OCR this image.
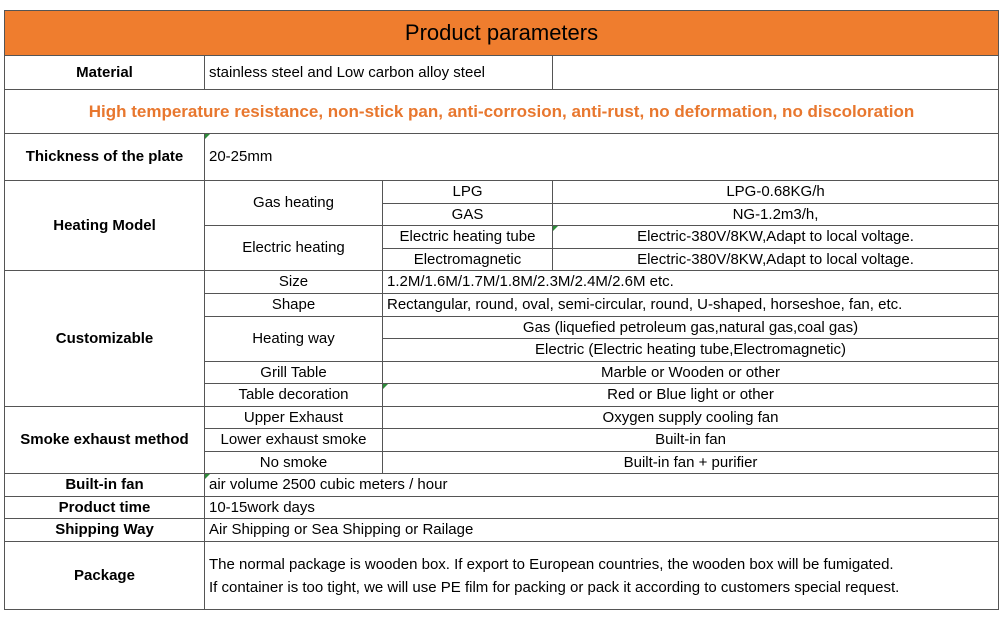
Product parameters			
Material	stainless steel and Low carbon alloy steel		
High temperature resistance, non-stick pan, anti-corrosion, anti-rust, no deformation, no discoloration			
Thickness of the plate	20-25mm		
Heating Model	Gas heating	LPG	LPG-0.68KG/h
		GAS	NG-1.2m3/h,
	Electric heating	Electric heating tube	Electric-380V/8KW,Adapt to local voltage.
		Electromagnetic	Electric-380V/8KW,Adapt to local voltage.
Customizable	Size	1.2M/1.6M/1.7M/1.8M/2.3M/2.4M/2.6M etc.	
	Shape	Rectangular, round, oval, semi-circular, round, U-shaped, horseshoe, fan, etc.	
	Heating way	Gas (liquefied petroleum gas,natural gas,coal gas)	
		Electric (Electric heating tube,Electromagnetic)	
	Grill Table	Marble or Wooden or other	
	Table decoration	Red or Blue light or other	
Smoke exhaust method	Upper Exhaust	Oxygen supply cooling fan	
	Lower exhaust smoke	Built-in fan	
	No smoke	Built-in fan + purifier	
Built-in fan	air volume 2500 cubic meters / hour		
Product time	10-15work days		
Shipping Way	Air Shipping or Sea Shipping or Railage		
Package	The normal package is wooden box. If export to European countries, the wooden box will be fumigated.
If container is too tight, we will use PE film for packing or pack it according to customers special request.		
